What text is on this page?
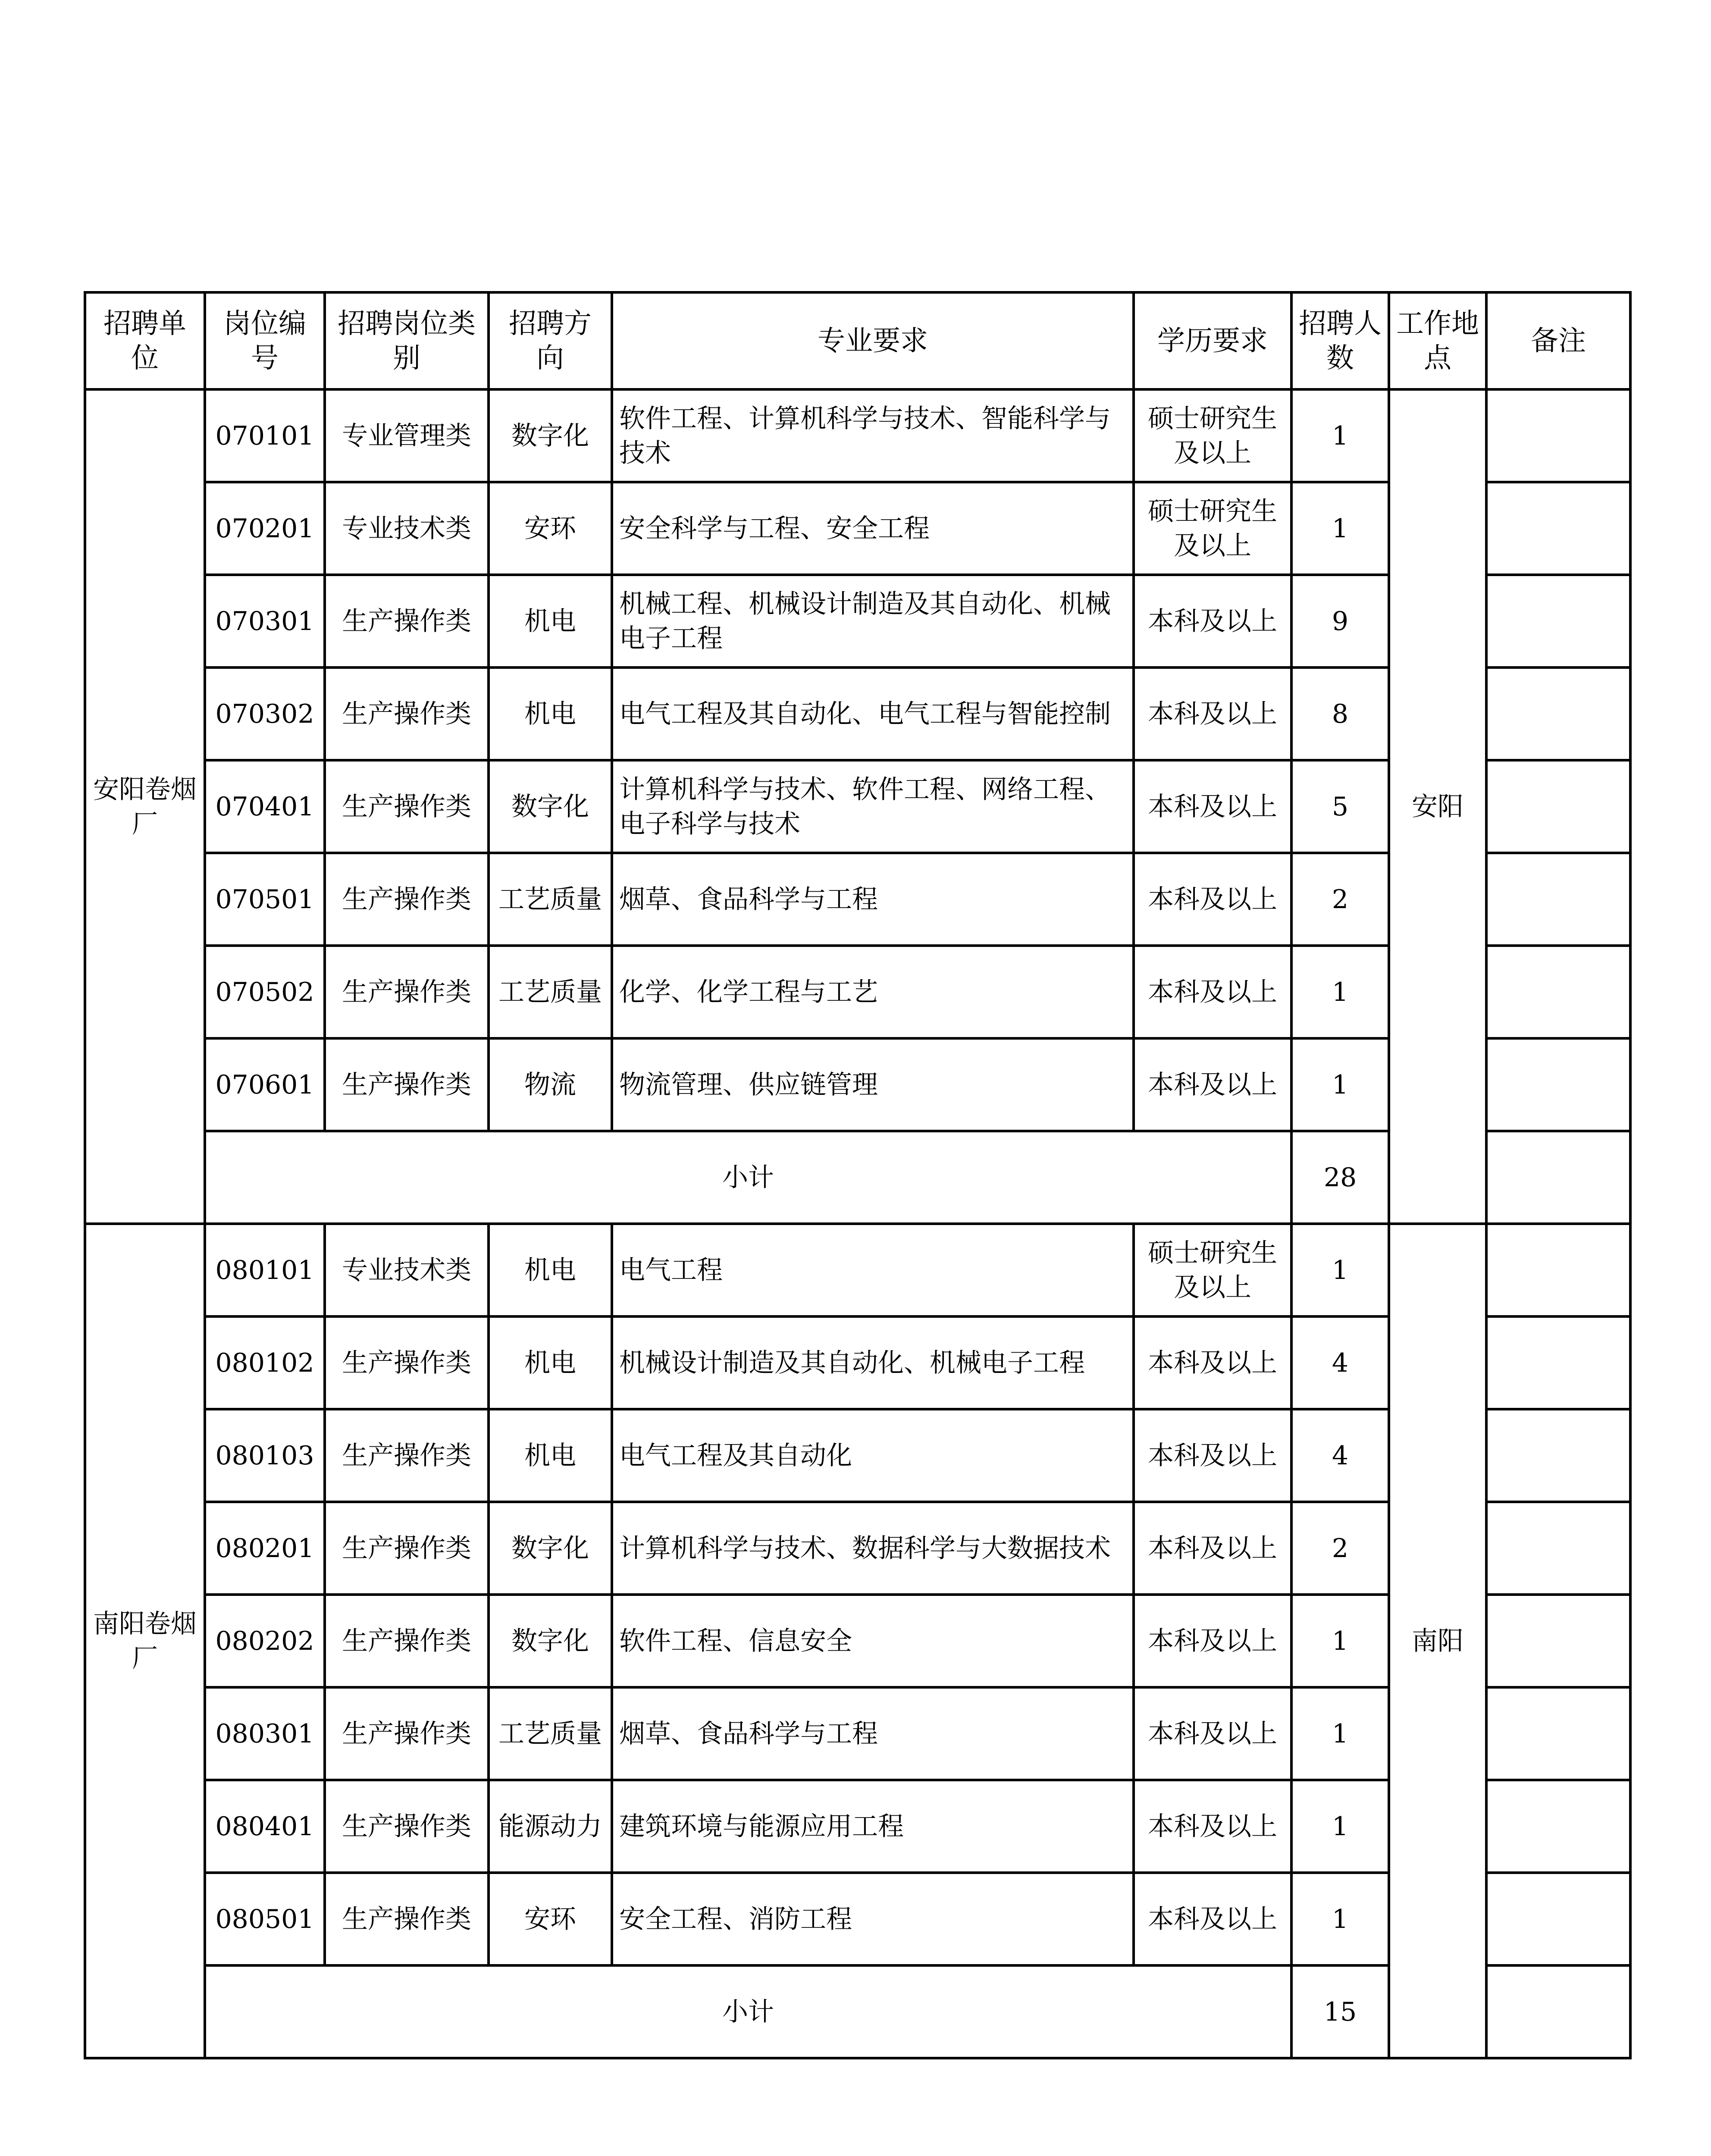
招聘单位	岗位编号	招聘岗位类别	招聘方向	专业要求	学历要求	招聘人数	工作地点	备注
安阳卷烟厂	070101	专业管理类	数字化	软件工程、计算机科学与技术、智能科学与技术	硕士研究生及以上	1	安阳	
	070201	专业技术类	安环	安全科学与工程、安全工程	硕士研究生及以上	1		
	070301	生产操作类	机电	机械工程、机械设计制造及其自动化、机械电子工程	本科及以上	9		
	070302	生产操作类	机电	电气工程及其自动化、电气工程与智能控制	本科及以上	8		
	070401	生产操作类	数字化	计算机科学与技术、软件工程、网络工程、电子科学与技术	本科及以上	5		
	070501	生产操作类	工艺质量	烟草、食品科学与工程	本科及以上	2		
	070502	生产操作类	工艺质量	化学、化学工程与工艺	本科及以上	1		
	070601	生产操作类	物流	物流管理、供应链管理	本科及以上	1		
	小计					28		
南阳卷烟厂	080101	专业技术类	机电	电气工程	硕士研究生及以上	1	南阳	
	080102	生产操作类	机电	机械设计制造及其自动化、机械电子工程	本科及以上	4		
	080103	生产操作类	机电	电气工程及其自动化	本科及以上	4		
	080201	生产操作类	数字化	计算机科学与技术、数据科学与大数据技术	本科及以上	2		
	080202	生产操作类	数字化	软件工程、信息安全	本科及以上	1		
	080301	生产操作类	工艺质量	烟草、食品科学与工程	本科及以上	1		
	080401	生产操作类	能源动力	建筑环境与能源应用工程	本科及以上	1		
	080501	生产操作类	安环	安全工程、消防工程	本科及以上	1		
	小计					15		
